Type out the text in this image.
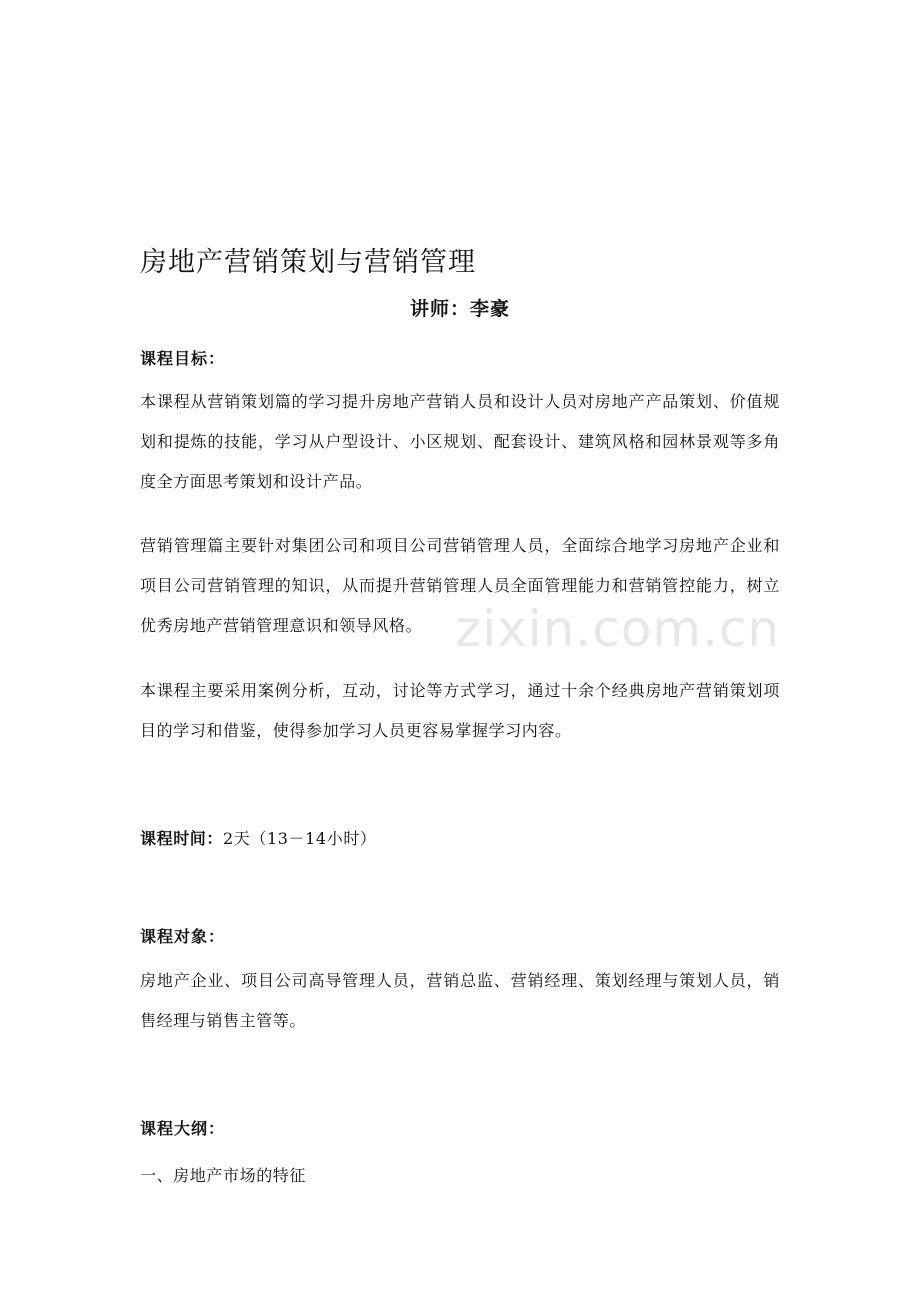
房地产营销策划与营销管理
讲师：李豪
课程目标：

本课程从营销策划篇的学习提升房地产营销人员和设计人员对房地产产品策划、价值规划和提炼的技能，学习从户型设计、小区规划、配套设计、建筑风格和园林景观等多角度全方面思考策划和设计产品。

营销管理篇主要针对集团公司和项目公司营销管理人员，全面综合地学习房地产企业和项目公司营销管理的知识，从而提升营销管理人员全面管理能力和营销管控能力，树立优秀房地产营销管理意识和领导风格。

本课程主要采用案例分析，互动，讨论等方式学习，通过十余个经典房地产营销策划项目的学习和借鉴，使得参加学习人员更容易掌握学习内容。

课程时间：2天（13－14小时）
课程对象：

房地产企业、项目公司高导管理人员，营销总监、营销经理、策划经理与策划人员，销售经理与销售主管等。

课程大纲：
一、房地产市场的特征
zixin.com.cn
